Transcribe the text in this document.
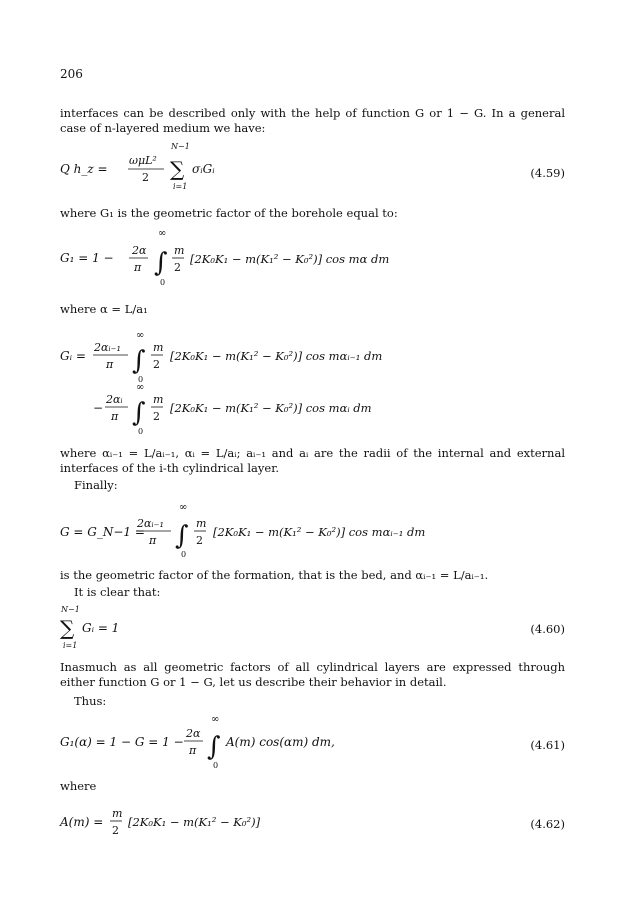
206
interfaces can be described only with the help of function G or 1 − G. In a general case of n-layered medium we have:
Q h_z =
ωμL²
2
N−1
∑
i=1
σᵢGᵢ	(4.59)
where G₁ is the geometric factor of the borehole equal to:
G₁ = 1 −
2α
π
∞
∫
0
m
2
[2K₀K₁ − m(K₁² − K₀²)] cos mα dm
where α = L/a₁
Gᵢ =
2αᵢ₋₁
π
∞
∫
0
m
2
[2K₀K₁ − m(K₁² − K₀²)] cos mαᵢ₋₁ dm
−
2αᵢ
π
∞
∫
0
m
2
[2K₀K₁ − m(K₁² − K₀²)] cos mαᵢ dm
where αᵢ₋₁ = L/aᵢ₋₁, αᵢ = L/aᵢ; aᵢ₋₁ and aᵢ are the radii of the internal and external interfaces of the i-th cylindrical layer.
Finally:
G = G_N−1 =
2αᵢ₋₁
π
∞
∫
0
m
2
[2K₀K₁ − m(K₁² − K₀²)] cos mαᵢ₋₁ dm
is the geometric factor of the formation, that is the bed, and αᵢ₋₁ = L/aᵢ₋₁.
It is clear that:
N−1
∑
i=1
Gᵢ = 1	(4.60)
Inasmuch as all geometric factors of all cylindrical layers are expressed through either function G or 1 − G, let us describe their behavior in detail.
Thus:
G₁(α) = 1 − G = 1 −
2α
π
∞
∫
0
A(m) cos(αm) dm,	(4.61)
where
A(m) =
m
2
[2K₀K₁ − m(K₁² − K₀²)]	(4.62)
